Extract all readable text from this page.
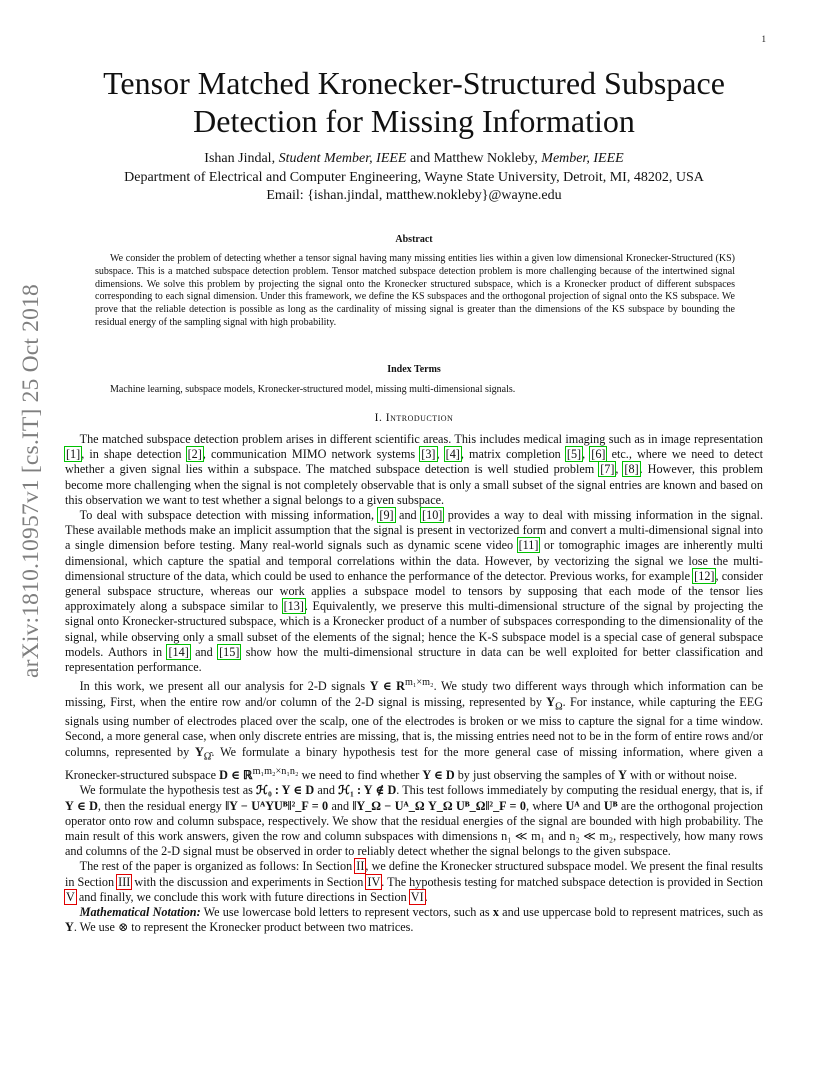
1
arXiv:1810.10957v1 [cs.IT] 25 Oct 2018
Tensor Matched Kronecker-Structured Subspace Detection for Missing Information
Ishan Jindal, Student Member, IEEE and Matthew Nokleby, Member, IEEE
Department of Electrical and Computer Engineering, Wayne State University, Detroit, MI, 48202, USA
Email: {ishan.jindal, matthew.nokleby}@wayne.edu
Abstract

We consider the problem of detecting whether a tensor signal having many missing entities lies within a given low dimensional Kronecker-Structured (KS) subspace. This is a matched subspace detection problem. Tensor matched subspace detection problem is more challenging because of the intertwined signal dimensions. We solve this problem by projecting the signal onto the Kronecker structured subspace, which is a Kronecker product of different subspaces corresponding to each signal dimension. Under this framework, we define the KS subspaces and the orthogonal projection of signal onto the KS subspace. We prove that the reliable detection is possible as long as the cardinality of missing signal is greater than the dimensions of the KS subspace by bounding the residual energy of the sampling signal with high probability.

Index Terms

Machine learning, subspace models, Kronecker-structured model, missing multi-dimensional signals.

I. Introduction

The matched subspace detection problem arises in different scientific areas. This includes medical imaging such as in image representation [1], in shape detection [2], communication MIMO network systems [3], [4], matrix completion [5], [6] etc., where we need to detect whether a given signal lies within a subspace. The matched subspace detection is well studied problem [7], [8]. However, this problem become more challenging when the signal is not completely observable that is only a small subset of the signal entries are known and based on this observation we want to test whether a signal belongs to a given subspace.

To deal with subspace detection with missing information, [9] and [10] provides a way to deal with missing information in the signal. These available methods make an implicit assumption that the signal is present in vectorized form and convert a multi-dimensional signal into a single dimension before testing. Many real-world signals such as dynamic scene video [11] or tomographic images are inherently multi dimensional, which capture the spatial and temporal correlations within the data. However, by vectorizing the signal we lose the multi-dimensional structure of the data, which could be used to enhance the performance of the detector. Previous works, for example [12], consider general subspace structure, whereas our work applies a subspace model to tensors by supposing that each mode of the tensor lies approximately along a subspace similar to [13]. Equivalently, we preserve this multi-dimensional structure of the signal by projecting the signal onto Kronecker-structured subspace, which is a Kronecker product of a number of subspaces corresponding to the dimensionality of the signal, while observing only a small subset of the elements of the signal; hence the K-S subspace model is a special case of general subspace models. Authors in [14] and [15] show how the multi-dimensional structure in data can be well exploited for better classification and representation performance.

In this work, we present all our analysis for 2-D signals Y ∈ $R^{m_1\times m_2}$. We study two different ways through which information can be missing, First, when the entire row and/or column of the 2-D signal is missing, represented by $Y_\Omega$. For instance, while capturing the EEG signals using number of electrodes placed over the scalp, one of the electrodes is broken or we miss to capture the signal for a time window. Second, a more general case, when only discrete entries are missing, that is, the missing entries need not to be in the form of entire rows and/or columns, represented by $Y_{\Omegâ}$. We formulate a binary hypothesis test for the more general case of missing information, where given a Kronecker-structured subspace D ∈ ℝ$^{m_1m_2\times n_1n_2}$ we need to find whether Y ∈ D by just observing the samples of Y with or without noise.

We formulate the hypothesis test as ℋ₀ : Y ∈ D and ℋ₁ : Y ∉ D. This test follows immediately by computing the residual energy, that is, if Y ∈ D, then the residual energy ‖Y − UᴬYUᴮ‖²_F = 0 and ‖Y_Ω − Uᴬ_Ω Y_Ω Uᴮ_Ω‖²_F = 0, where Uᴬ and Uᴮ are the orthogonal projection operator onto row and column subspace, respectively. We show that the residual energies of the signal are bounded with high probability. The main result of this work answers, given the row and column subspaces with dimensions n₁ ≪ m₁ and n₂ ≪ m₂, respectively, how many rows and columns of the 2-D signal must be observed in order to reliably detect whether the signal belongs to the given subspace.

The rest of the paper is organized as follows: In Section II, we define the Kronecker structured subspace model. We present the final results in Section III with the discussion and experiments in Section IV. The hypothesis testing for matched subspace detection is provided in Section V and finally, we conclude this work with future directions in Section VI.

Mathematical Notation: We use lowercase bold letters to represent vectors, such as x and use uppercase bold to represent matrices, such as Y. We use ⊗ to represent the Kronecker product between two matrices.
